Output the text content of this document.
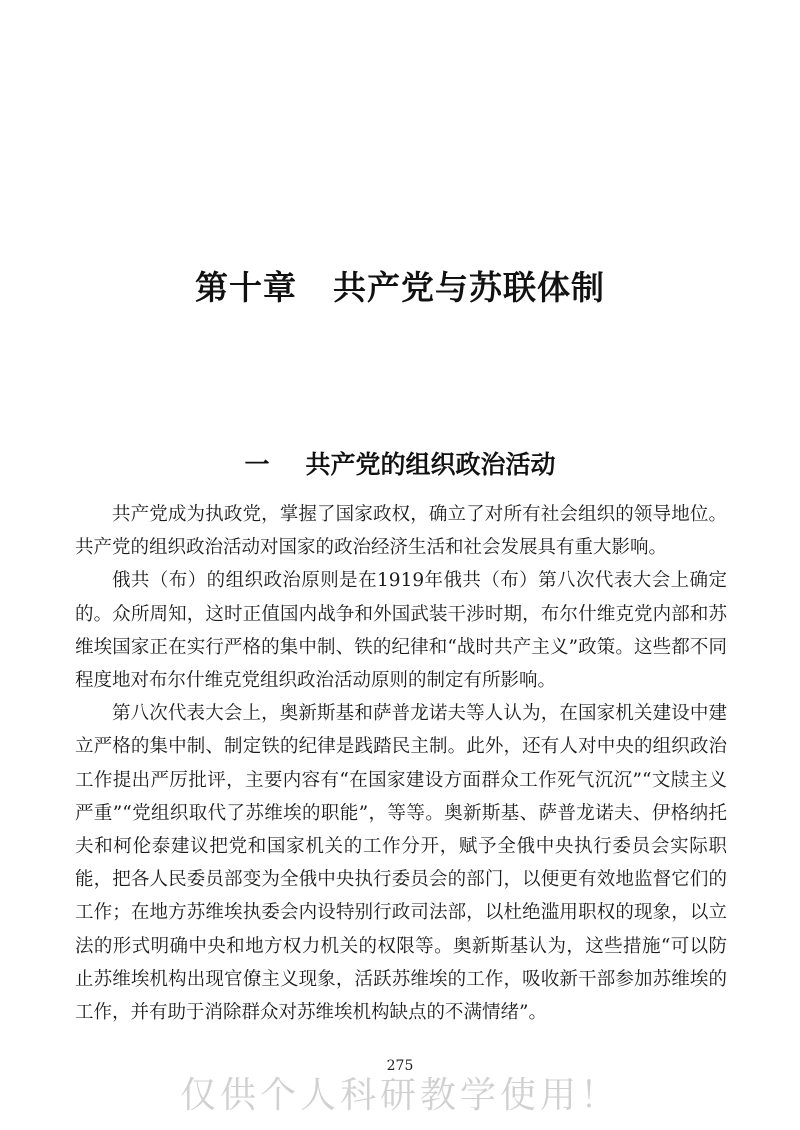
第十章 共产党与苏联体制
一 共产党的组织政治活动

共产党成为执政党，掌握了国家政权，确立了对所有社会组织的领导地位。共产党的组织政治活动对国家的政治经济生活和社会发展具有重大影响。

俄共（布）的组织政治原则是在1919年俄共（布）第八次代表大会上确定的。众所周知，这时正值国内战争和外国武装干涉时期，布尔什维克党内部和苏维埃国家正在实行严格的集中制、铁的纪律和“战时共产主义”政策。这些都不同程度地对布尔什维克党组织政治活动原则的制定有所影响。

第八次代表大会上，奥新斯基和萨普龙诺夫等人认为，在国家机关建设中建立严格的集中制、制定铁的纪律是践踏民主制。此外，还有人对中央的组织政治工作提出严厉批评，主要内容有“在国家建设方面群众工作死气沉沉”“文牍主义严重”“党组织取代了苏维埃的职能”，等等。奥新斯基、萨普龙诺夫、伊格纳托夫和柯伦泰建议把党和国家机关的工作分开，赋予全俄中央执行委员会实际职能，把各人民委员部变为全俄中央执行委员会的部门，以便更有效地监督它们的工作；在地方苏维埃执委会内设特别行政司法部，以杜绝滥用职权的现象，以立法的形式明确中央和地方权力机关的权限等。奥新斯基认为，这些措施“可以防止苏维埃机构出现官僚主义现象，活跃苏维埃的工作，吸收新干部参加苏维埃的工作，并有助于消除群众对苏维埃机构缺点的不满情绪”。

275
仅供个人科研教学使用！
